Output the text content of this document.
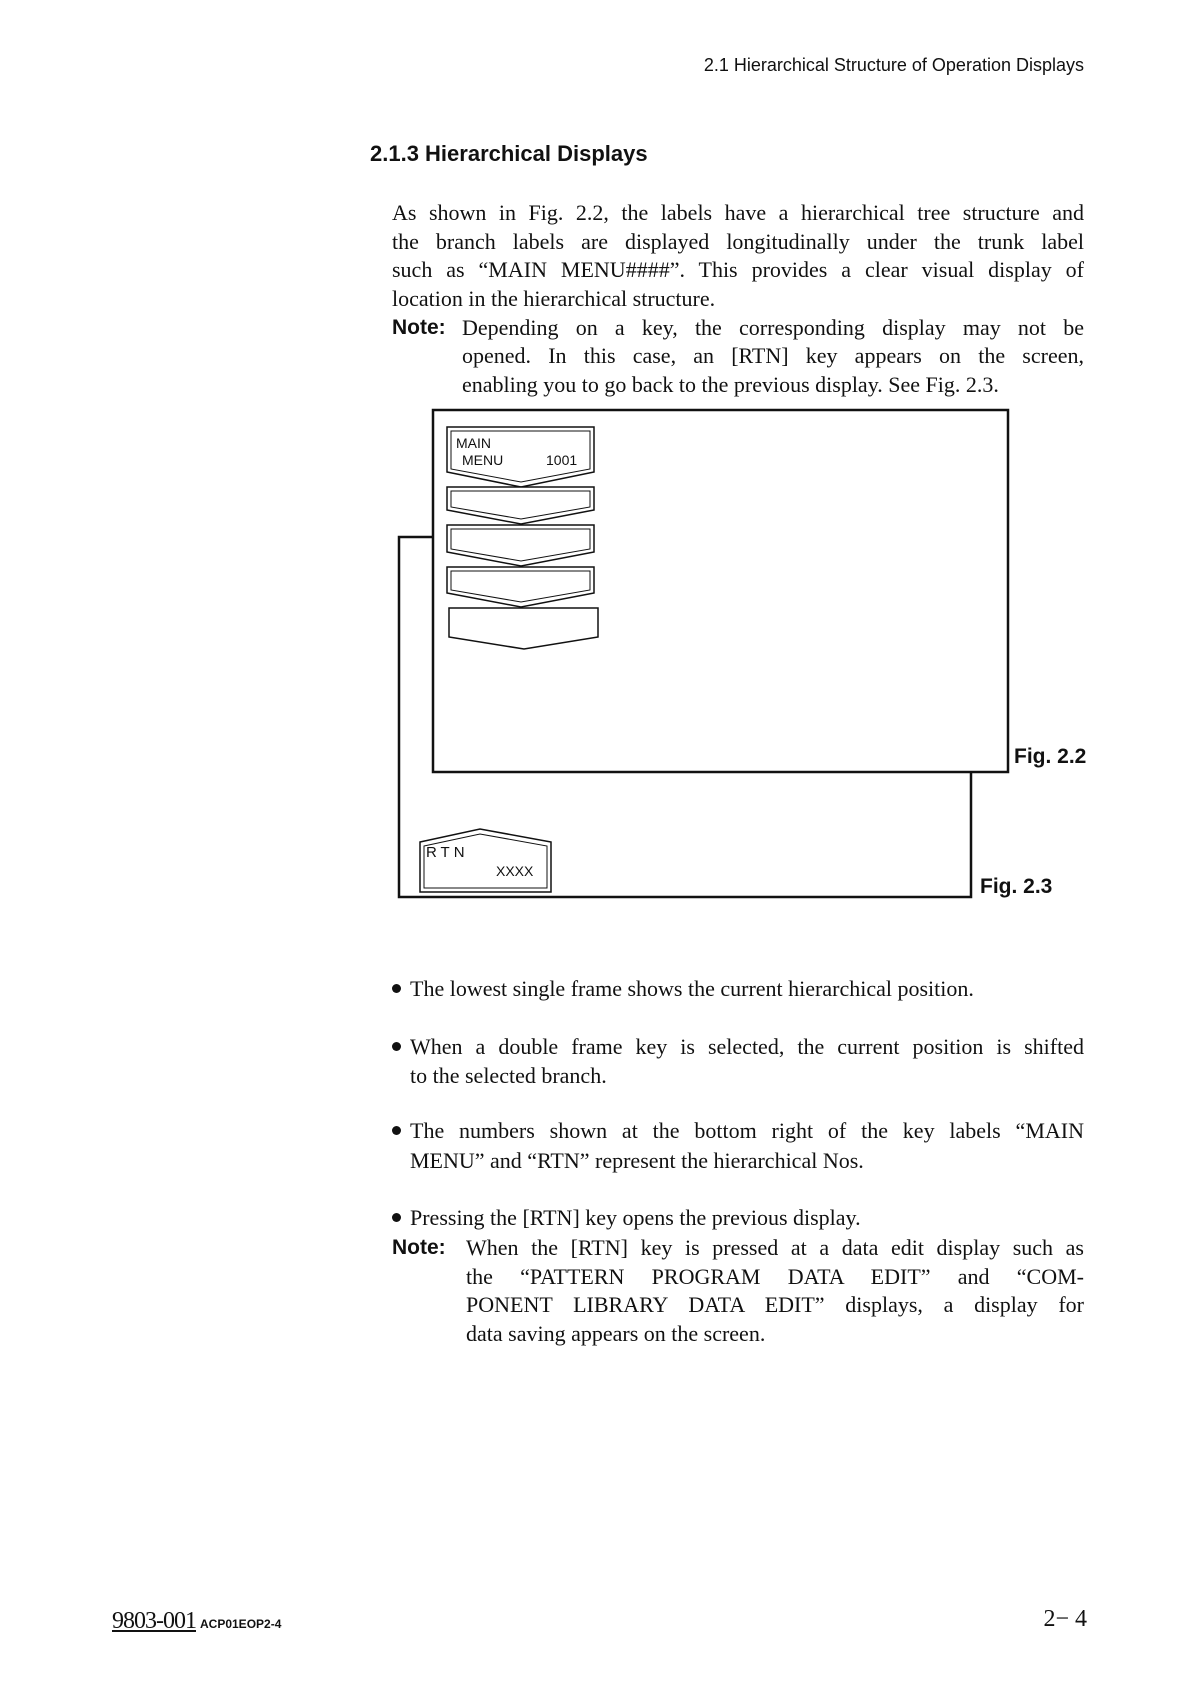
2.1 Hierarchical Structure of Operation Displays
2.1.3 Hierarchical Displays
As shown in Fig. 2.2, the labels have a hierarchical tree structure and
the branch labels are displayed longitudinally under the trunk label
such as “MAIN MENU####”. This provides a clear visual display of
location in the hierarchical structure.
Note: Depending on a key, the corresponding display may not be
opened. In this case, an [RTN] key appears on the screen,
enabling you to go back to the previous display. See Fig. 2.3.
MAIN
MENU	1001
RTN
XXXX
Fig. 2.2
Fig. 2.3
The lowest single frame shows the current hierarchical position.
When a double frame key is selected, the current position is shifted
to the selected branch.
The numbers shown at the bottom right of the key labels “MAIN
MENU” and “RTN” represent the hierarchical Nos.
Pressing the [RTN] key opens the previous display.
Note: When the [RTN] key is pressed at a data edit display such as
the “PATTERN PROGRAM DATA EDIT” and “COM-
PONENT LIBRARY DATA EDIT” displays, a display for
data saving appears on the screen.
9803-001 ACP01EOP2-4	2− 4
